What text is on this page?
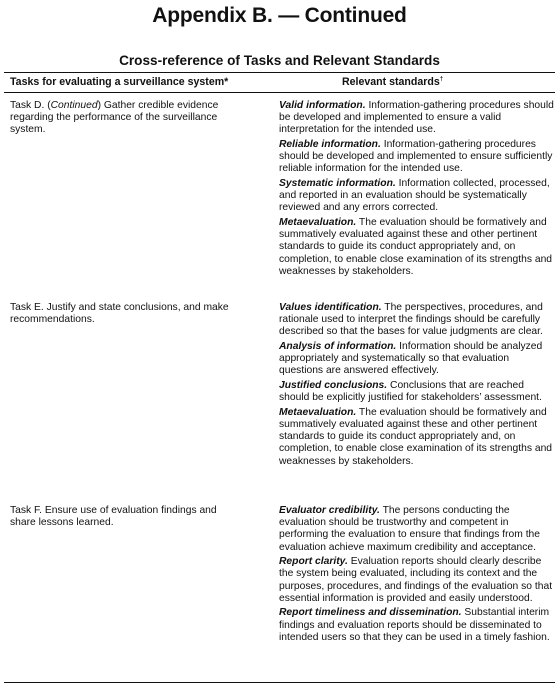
Appendix B. — Continued
Cross-reference of Tasks and Relevant Standards
Tasks for evaluating a surveillance system*	Relevant standards†
Task D. (Continued) Gather credible evidence regarding the performance of the surveillance system.
Valid information. Information-gathering procedures should be developed and implemented to ensure a valid interpretation for the intended use.
Reliable information. Information-gathering procedures should be developed and implemented to ensure sufficiently reliable information for the intended use.
Systematic information. Information collected, processed, and reported in an evaluation should be systematically reviewed and any errors corrected.
Metaevaluation. The evaluation should be formatively and summatively evaluated against these and other pertinent standards to guide its conduct appropriately and, on completion, to enable close examination of its strengths and weaknesses by stakeholders.
Task E. Justify and state conclusions, and make recommendations.
Values identification. The perspectives, procedures, and rationale used to interpret the findings should be carefully described so that the bases for value judgments are clear.
Analysis of information. Information should be analyzed appropriately and systematically so that evaluation questions are answered effectively.
Justified conclusions. Conclusions that are reached should be explicitly justified for stakeholders’ assessment.
Metaevaluation. The evaluation should be formatively and summatively evaluated against these and other pertinent standards to guide its conduct appropriately and, on completion, to enable close examination of its strengths and weaknesses by stakeholders.
Task F. Ensure use of evaluation findings and share lessons learned.
Evaluator credibility. The persons conducting the evaluation should be trustworthy and competent in performing the evaluation to ensure that findings from the evaluation achieve maximum credibility and acceptance.
Report clarity. Evaluation reports should clearly describe the system being evaluated, including its context and the purposes, procedures, and findings of the evaluation so that essential information is provided and easily understood.
Report timeliness and dissemination. Substantial interim findings and evaluation reports should be disseminated to intended users so that they can be used in a timely fashion.
